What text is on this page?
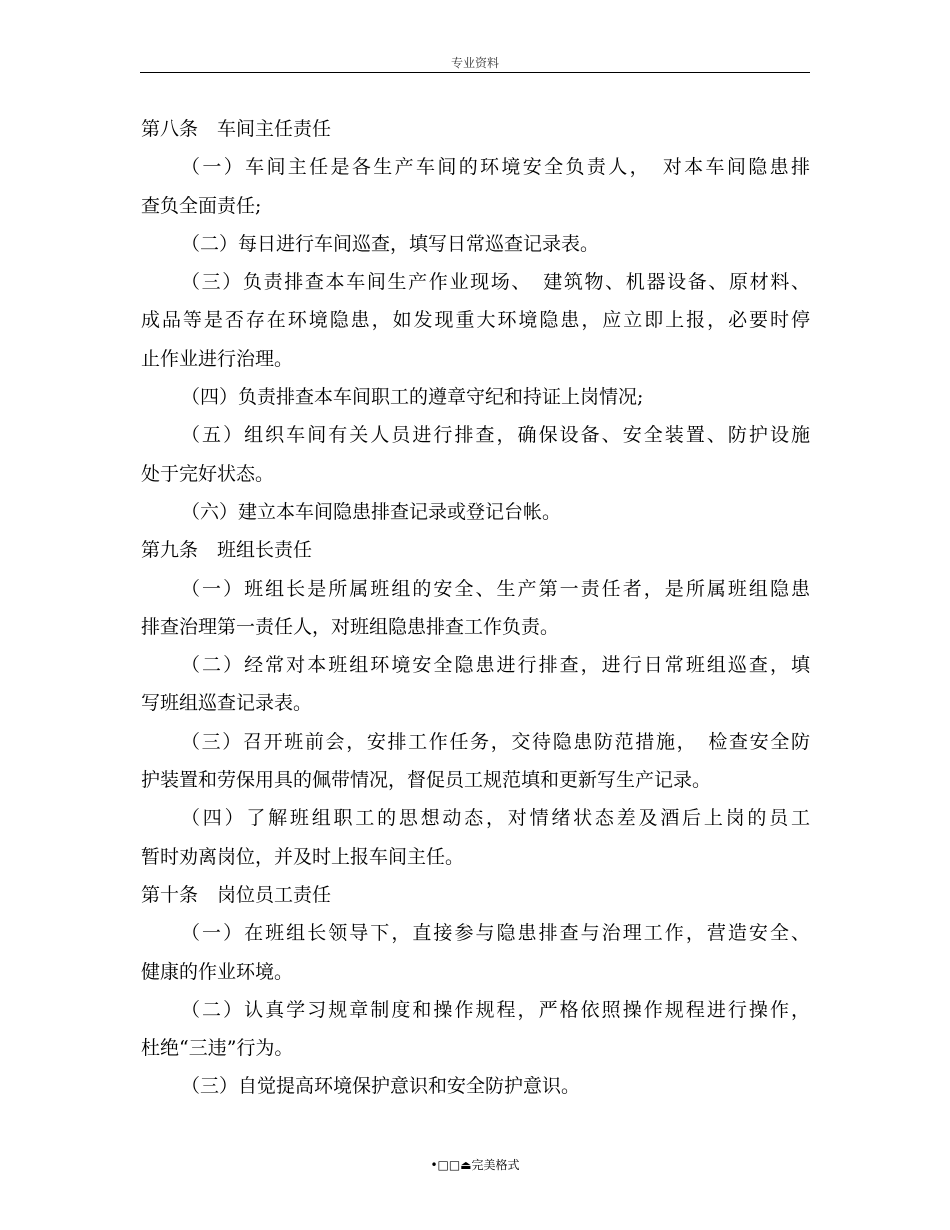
专业资料
第八条　车间主任责任
（一）车间主任是各生产车间的环境安全负责人，　对本车间隐患排
查负全面责任;
（二）每日进行车间巡查，填写日常巡查记录表。
（三）负责排查本车间生产作业现场、　建筑物、机器设备、原材料、
成品等是否存在环境隐患，如发现重大环境隐患，应立即上报，必要时停
止作业进行治理。
（四）负责排查本车间职工的遵章守纪和持证上岗情况;
（五）组织车间有关人员进行排查，确保设备、安全装置、防护设施
处于完好状态。
（六）建立本车间隐患排查记录或登记台帐。
第九条　班组长责任
（一）班组长是所属班组的安全、生产第一责任者，是所属班组隐患
排查治理第一责任人，对班组隐患排查工作负责。
（二）经常对本班组环境安全隐患进行排查，进行日常班组巡查，填
写班组巡查记录表。
（三）召开班前会，安排工作任务，交待隐患防范措施，　检查安全防
护装置和劳保用具的佩带情况，督促员工规范填和更新写生产记录。
（四）了解班组职工的思想动态，对情绪状态差及酒后上岗的员工
暂时劝离岗位，并及时上报车间主任。
第十条　岗位员工责任
（一）在班组长领导下，直接参与隐患排查与治理工作，营造安全、
健康的作业环境。
（二）认真学习规章制度和操作规程，严格依照操作规程进行操作，
杜绝“三违”行为。
（三）自觉提高环境保护意识和安全防护意识。
•□□⏏完美格式
